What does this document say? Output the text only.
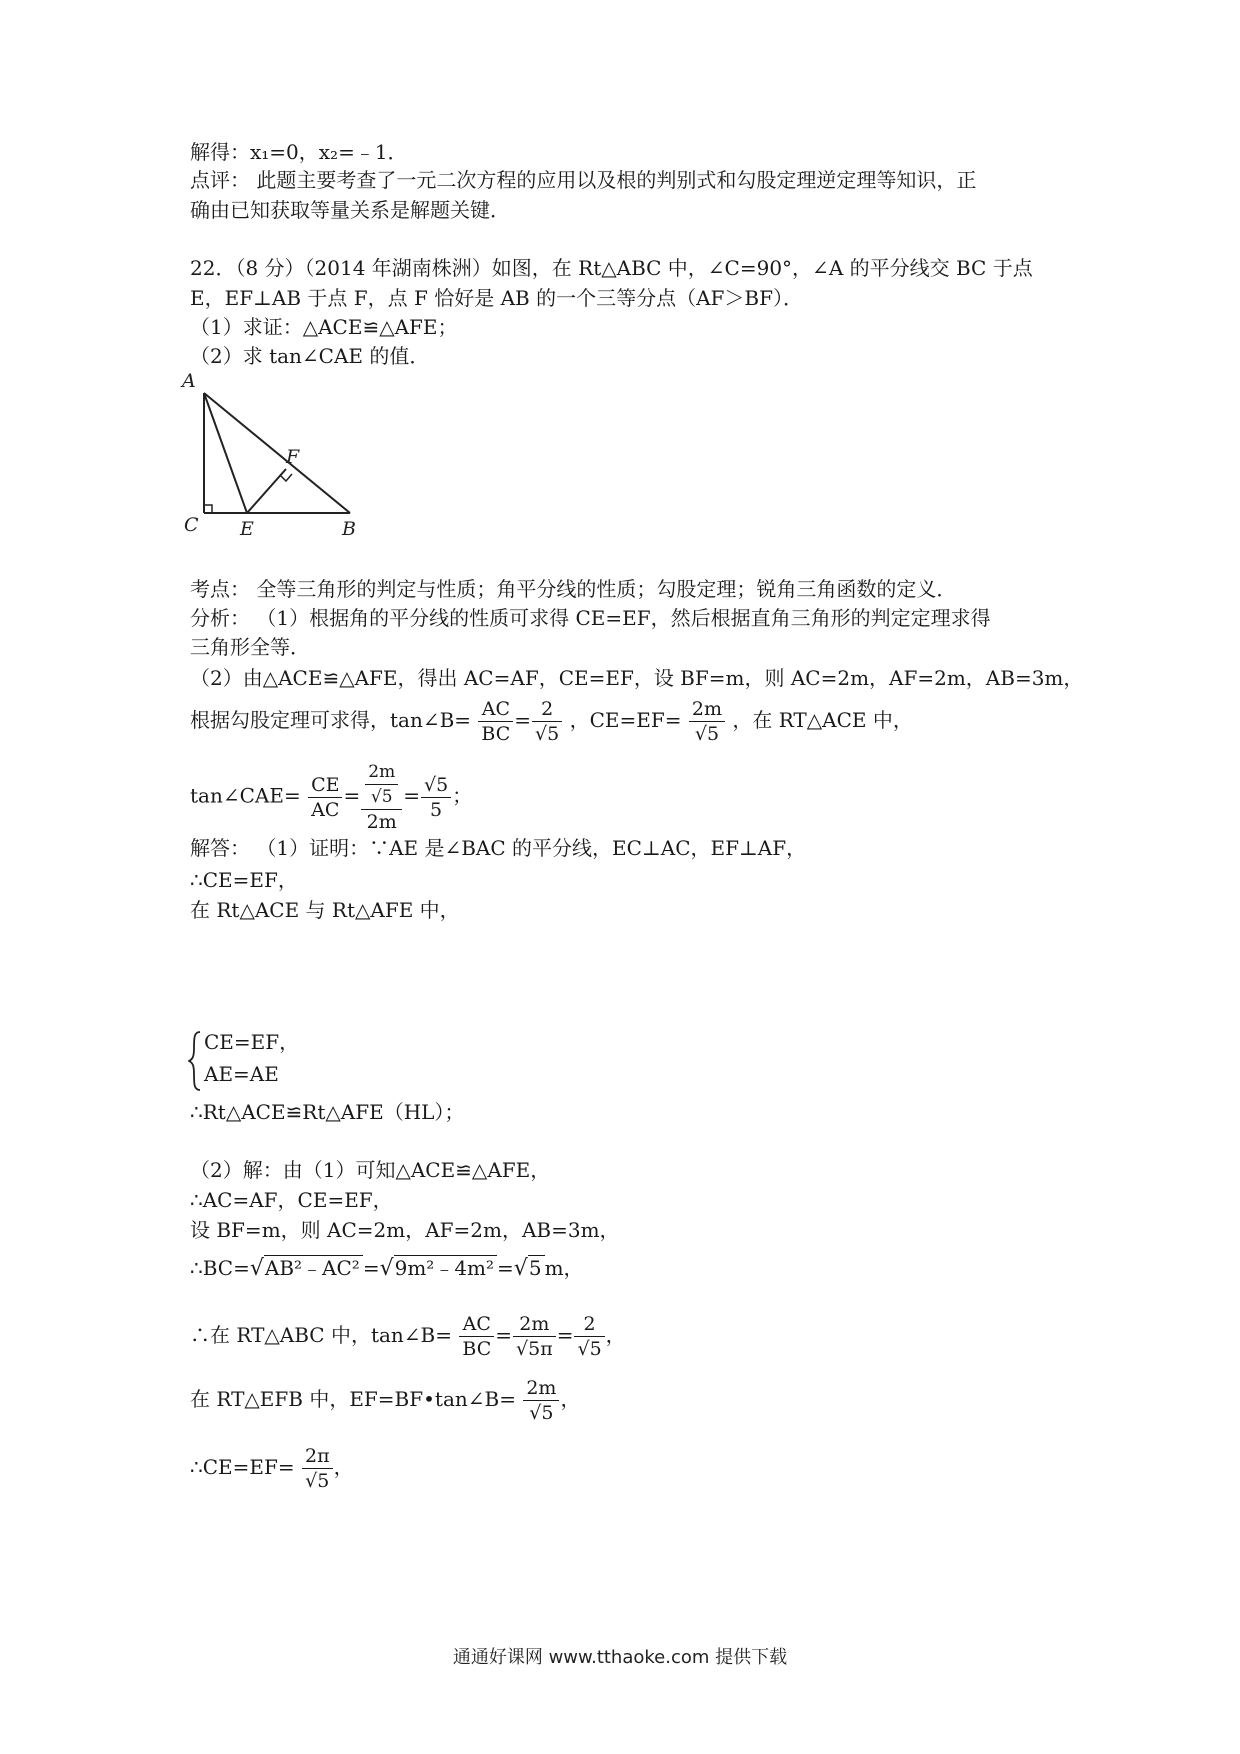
解得：x₁=0，x₂=﹣1．
点评： 此题主要考查了一元二次方程的应用以及根的判别式和勾股定理逆定理等知识，正
确由已知获取等量关系是解题关键．
22．（8 分）（2014 年湖南株洲）如图，在 Rt△ABC 中，∠C=90°，∠A 的平分线交 BC 于点
E，EF⊥AB 于点 F，点 F 恰好是 AB 的一个三等分点（AF＞BF）．
（1）求证：△ACE≌△AFE；
（2）求 tan∠CAE 的值．
A
C E
F
B
考点： 全等三角形的判定与性质；角平分线的性质；勾股定理；锐角三角函数的定义．
分析： （1）根据角的平分线的性质可求得 CE=EF，然后根据直角三角形的判定定理求得
三角形全等．
（2）由△ACE≌△AFE，得出 AC=AF，CE=EF，设 BF=m，则 AC=2m，AF=2m，AB=3m，
根据勾股定理可求得，tan∠B= $\frac{AC}{BC} = \frac{2}{√5}$ ，$CE=EF= \frac{2m}{√5}$ ，在 RT△ACE 中，
tan∠CAE= $\frac{CE}{AC} = \frac{\frac{2m}{√5}}{2m} = \frac{√5}{5}$ ；
解答： （1）证明：∵AE 是∠BAC 的平分线，EC⊥AC，EF⊥AF，
∴CE=EF，
在 Rt△ACE 与 Rt△AFE 中，
CE=EF，
AE=AE
∴Rt△ACE≌Rt△AFE（HL）；
（2）解：由（1）可知△ACE≌△AFE，
∴AC=AF，CE=EF，
设 BF=m，则 AC=2m，AF=2m，AB=3m，
∴BC=√AB²﹣AC² =√9m²﹣4m² =√5 m，
∴在 RT△ABC 中，tan∠B= $\frac{AC}{BC} = \frac{2m}{√5\pi} = \frac{2}{√5}$ ，
在 RT△EFB 中，EF=BF•tan∠B= $\frac{2m}{√5}$ ，
∴CE=EF= $\frac{2\pi}{√5}$ ，
通通好课网 www.tthaoke.com 提供下载
